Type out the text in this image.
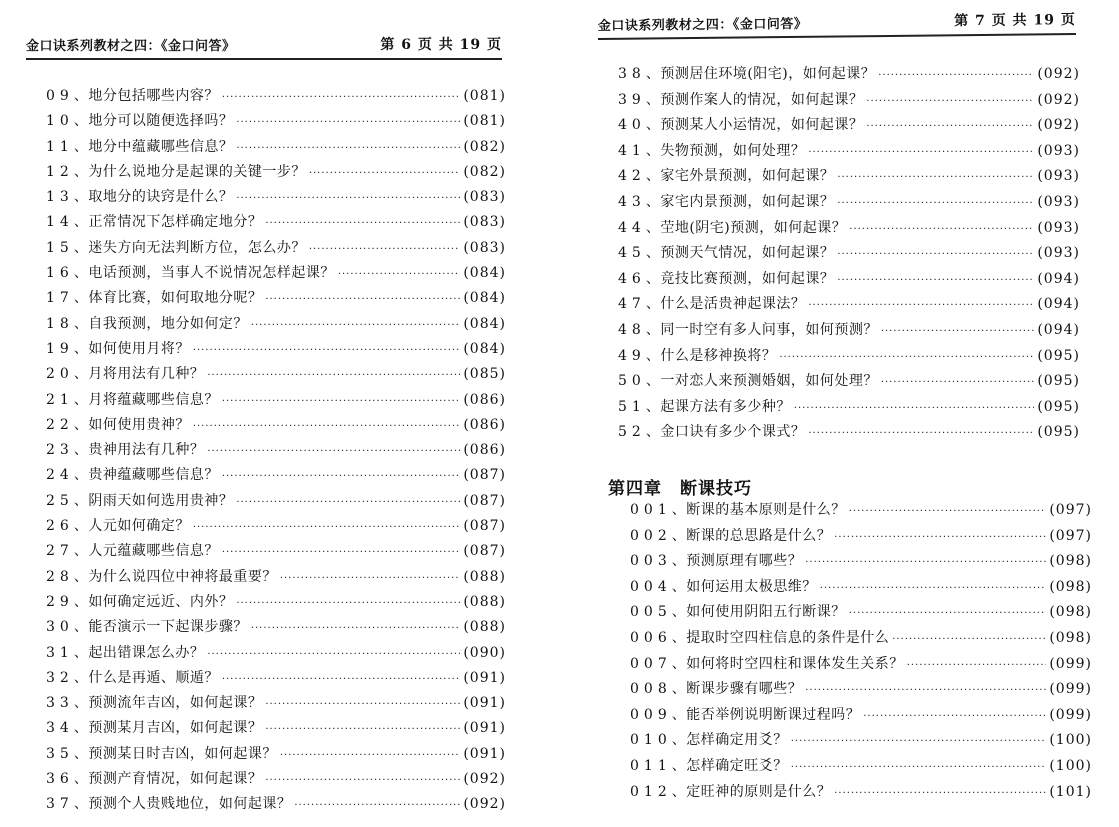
金口诀系列教材之四：《金口问答》	第 6 页 共 19 页
09 、 地分包括哪些内容？ ·····	(081)
10 、 地分可以随便选择吗？ ·····	(081)
11 、 地分中蕴藏哪些信息？ ·····	(082)
12 、 为什么说地分是起课的关键一步？ ·····	(082)
13 、 取地分的诀窍是什么？ ·····	(083)
14 、 正常情况下怎样确定地分？ ·····	(083)
15 、 迷失方向无法判断方位，怎么办？ ·····	(083)
16 、 电话预测，当事人不说情况怎样起课？ ·····	(084)
17 、 体育比赛，如何取地分呢？ ·····	(084)
18 、 自我预测，地分如何定？ ·····	(084)
19 、 如何使用月将？ ·····	(084)
20 、 月将用法有几种？ ·····	(085)
21 、 月将蕴藏哪些信息？ ·····	(086)
22 、 如何使用贵神？ ·····	(086)
23 、 贵神用法有几种？ ·····	(086)
24 、 贵神蕴藏哪些信息？ ·····	(087)
25 、 阴雨天如何选用贵神？ ·····	(087)
26 、 人元如何确定？ ·····	(087)
27 、 人元蕴藏哪些信息？ ·····	(087)
28 、 为什么说四位中神将最重要？ ·····	(088)
29 、 如何确定远近、内外？ ·····	(088)
30 、 能否演示一下起课步骤？ ·····	(088)
31 、 起出错课怎么办？ ·····	(090)
32 、 什么是再遁、顺遁？ ·····	(091)
33 、 预测流年吉凶，如何起课？ ·····	(091)
34 、 预测某月吉凶，如何起课？ ·····	(091)
35 、 预测某日时吉凶，如何起课？ ·····	(091)
36 、 预测产育情况，如何起课？ ·····	(092)
37 、 预测个人贵贱地位，如何起课？ ·····	(092)
金口诀系列教材之四：《金口问答》	第 7 页 共 19 页
38 、 预测居住环境(阳宅)，如何起课？ ·····	(092)
39 、 预测作案人的情况，如何起课？ ·····	(092)
40 、 预测某人小运情况，如何起课？ ·····	(092)
41 、 失物预测，如何处理？ ·····	(093)
42 、 家宅外景预测，如何起课？ ·····	(093)
43 、 家宅内景预测，如何起课？ ·····	(093)
44 、 茔地(阴宅)预测，如何起课？ ·····	(093)
45 、 预测天气情况，如何起课？ ·····	(093)
46 、 竞技比赛预测，如何起课？ ·····	(094)
47 、 什么是活贵神起课法？ ·····	(094)
48 、 同一时空有多人问事，如何预测？ ·····	(094)
49 、 什么是移神换将？ ·····	(095)
50 、 一对恋人来预测婚姻，如何处理？ ·····	(095)
51 、 起课方法有多少种？ ·····	(095)
52 、 金口诀有多少个课式？ ·····	(095)
第四章 断课技巧
001 、 断课的基本原则是什么？ ·····	(097)
002 、 断课的总思路是什么？ ·····	(097)
003 、 预测原理有哪些？ ·····	(098)
004 、 如何运用太极思维？ ·····	(098)
005 、 如何使用阴阳五行断课？ ·····	(098)
006 、 提取时空四柱信息的条件是什么 ·····	(098)
007 、 如何将时空四柱和课体发生关系？ ·····	(099)
008 、 断课步骤有哪些？ ·····	(099)
009 、 能否举例说明断课过程吗？ ·····	(099)
010 、 怎样确定用爻？ ·····	(100)
011 、 怎样确定旺爻？ ·····	(100)
012 、 定旺神的原则是什么？ ·····	(101)
